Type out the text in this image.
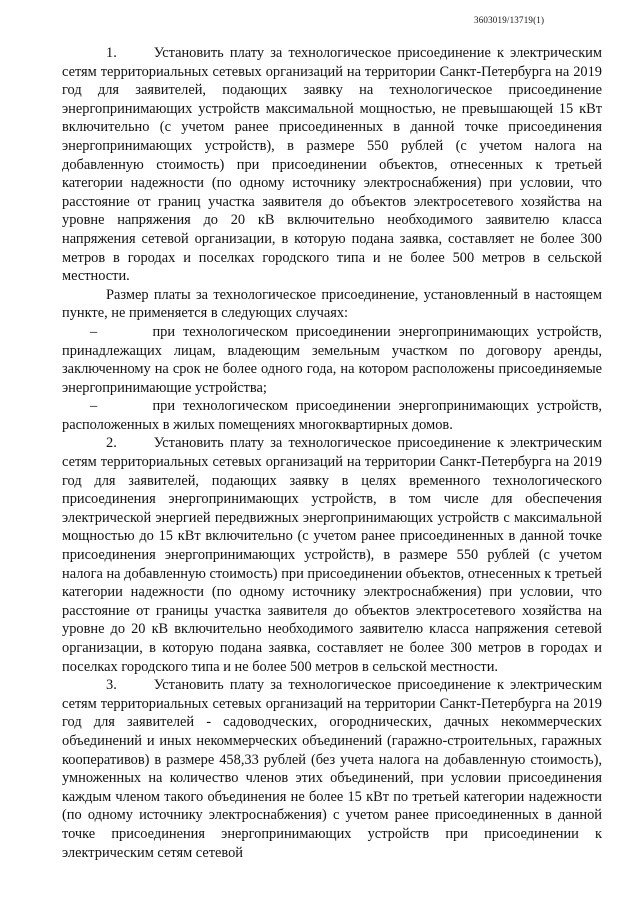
3603019/13719(1)

1.      Установить плату за технологическое присоединение к электрическим сетям территориальных сетевых организаций на территории Санкт-Петербурга на 2019 год для заявителей, подающих заявку на технологическое присоединение энергопринимающих устройств максимальной мощностью, не превышающей 15 кВт включительно (с учетом ранее присоединенных в данной точке присоединения энергопринимающих устройств), в размере 550 рублей (с учетом налога на добавленную стоимость) при присоединении объектов, отнесенных к третьей категории надежности (по одному источнику электроснабжения) при условии, что расстояние от границ участка заявителя до объектов электросетевого хозяйства на уровне напряжения до 20 кВ включительно необходимого заявителю класса напряжения сетевой организации, в которую подана заявка, составляет не более 300 метров в городах и поселках городского типа и не более 500 метров в сельской местности.

Размер платы за технологическое присоединение, установленный в настоящем пункте, не применяется в следующих случаях:

–       при технологическом присоединении энергопринимающих устройств, принадлежащих лицам, владеющим земельным участком по договору аренды, заключенному на срок не более одного года, на котором расположены присоединяемые энергопринимающие устройства;

–       при технологическом присоединении энергопринимающих устройств, расположенных в жилых помещениях многоквартирных домов.

2.      Установить плату за технологическое присоединение к электрическим сетям территориальных сетевых организаций на территории Санкт-Петербурга на 2019 год для заявителей, подающих заявку в целях временного технологического присоединения энергопринимающих устройств, в том числе для обеспечения электрической энергией передвижных энергопринимающих устройств с максимальной мощностью до 15 кВт включительно (с учетом ранее присоединенных в данной точке присоединения энергопринимающих устройств), в размере 550 рублей (с учетом налога на добавленную стоимость) при присоединении объектов, отнесенных к третьей категории надежности (по одному источнику электроснабжения) при условии, что расстояние от границы участка заявителя до объектов электросетевого хозяйства на уровне до 20 кВ включительно необходимого заявителю класса напряжения сетевой организации, в которую подана заявка, составляет не более 300 метров в городах и поселках городского типа и не более 500 метров в сельской местности.

3.      Установить плату за технологическое присоединение к электрическим сетям территориальных сетевых организаций на территории Санкт-Петербурга на 2019 год для заявителей - садоводческих, огороднических, дачных некоммерческих объединений и иных некоммерческих объединений (гаражно-строительных, гаражных кооперативов) в размере 458,33 рублей (без учета налога на добавленную стоимость), умноженных на количество членов этих объединений, при условии присоединения каждым членом такого объединения не более 15 кВт по третьей категории надежности (по одному источнику электроснабжения) с учетом ранее присоединенных в данной точке присоединения энергопринимающих устройств при присоединении к электрическим сетям сетевой
